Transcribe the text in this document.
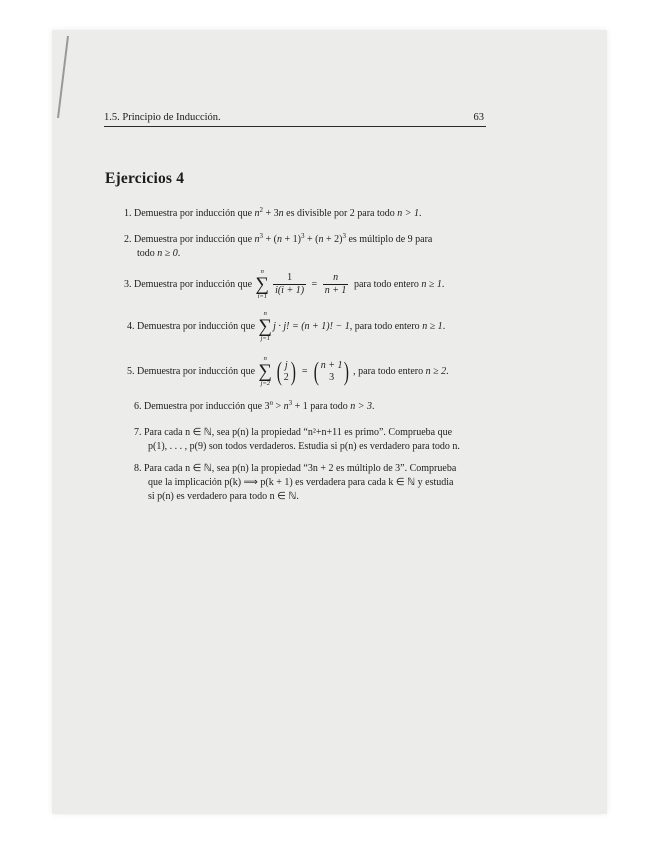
1.5. Principio de Inducción.	63
Ejercicios 4
1. Demuestra por inducción que $n^2 + 3n$ es divisible por 2 para todo n > 1.
2. Demuestra por inducción que $n^3 + (n + 1)^3 + (n + 2)^3$ es múltiplo de 9 para
todo n ≥ 0.
3. Demuestra por inducción que
n
∑
$i=1 \frac{1}{i(i + 1)} = \frac{n}{n + 1}$ para todo entero n ≥ 1.
4. Demuestra por inducción que
n
∑
j=1
j · j! = (n + 1)! − 1, para todo entero n ≥ 1.
5. Demuestra por inducción que
n
∑
j=2 ( j
2 ) = ( n + 1
3 ) , para todo entero n ≥ 2.
6. Demuestra por inducción que $3^n > n^3 + 1$ para todo n > 3.
7. Para cada n ∈ ℕ, sea p(n) la propiedad “n²+n+11 es primo”. Comprueba que
p(1), . . . , p(9) son todos verdaderos. Estudia si p(n) es verdadero para todo n.
8. Para cada n ∈ ℕ, sea p(n) la propiedad “3n + 2 es múltiplo de 3”. Comprueba
que la implicación p(k) ⟹ p(k + 1) es verdadera para cada k ∈ ℕ y estudia
si p(n) es verdadero para todo n ∈ ℕ.
